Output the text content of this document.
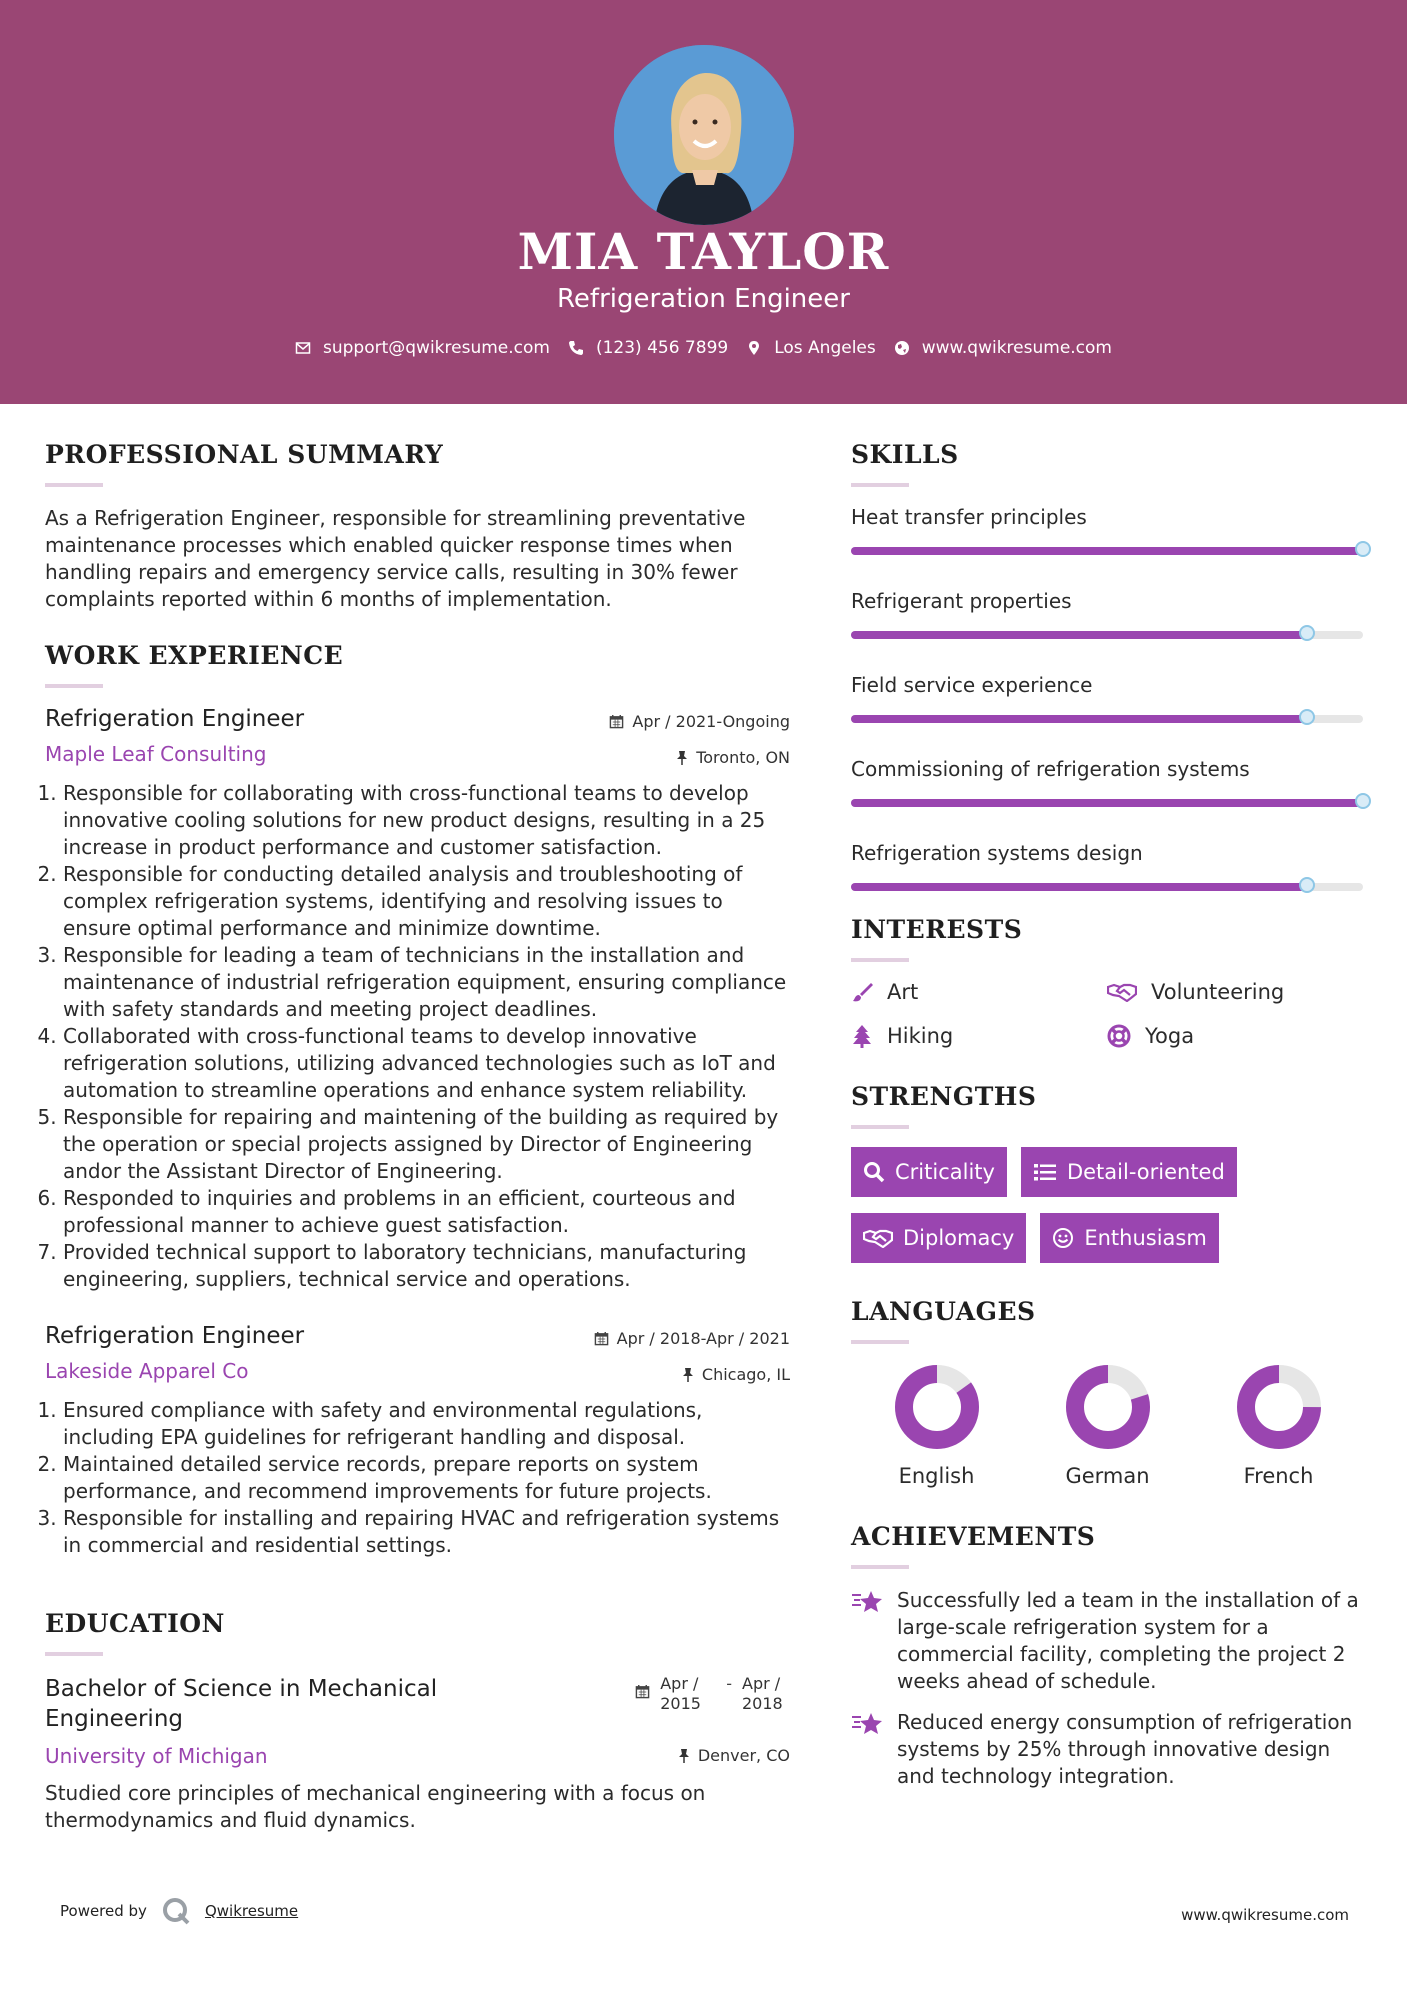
MIA TAYLOR
Refrigeration Engineer
support@qwikresume.com	(123) 456 7899	Los Angeles	www.qwikresume.com
PROFESSIONAL SUMMARY

As a Refrigeration Engineer, responsible for streamlining preventative maintenance processes which enabled quicker response times when handling repairs and emergency service calls, resulting in 30% fewer complaints reported within 6 months of implementation.

WORK EXPERIENCE
Refrigeration Engineer	Apr / 2021-Ongoing
Maple Leaf Consulting	Toronto, ON
1. Responsible for collaborating with cross-functional teams to develop innovative cooling solutions for new product designs, resulting in a 25 increase in product performance and customer satisfaction.
2. Responsible for conducting detailed analysis and troubleshooting of complex refrigeration systems, identifying and resolving issues to ensure optimal performance and minimize downtime.
3. Responsible for leading a team of technicians in the installation and maintenance of industrial refrigeration equipment, ensuring compliance with safety standards and meeting project deadlines.
4. Collaborated with cross-functional teams to develop innovative refrigeration solutions, utilizing advanced technologies such as IoT and automation to streamline operations and enhance system reliability.
5. Responsible for repairing and maintening of the building as required by the operation or special projects assigned by Director of Engineering andor the Assistant Director of Engineering.
6. Responded to inquiries and problems in an efficient, courteous and professional manner to achieve guest satisfaction.
7. Provided technical support to laboratory technicians, manufacturing engineering, suppliers, technical service and operations.
Refrigeration Engineer	Apr / 2018-Apr / 2021
Lakeside Apparel Co	Chicago, IL
1. Ensured compliance with safety and environmental regulations, including EPA guidelines for refrigerant handling and disposal.
2. Maintained detailed service records, prepare reports on system performance, and recommend improvements for future projects.
3. Responsible for installing and repairing HVAC and refrigeration systems in commercial and residential settings.
EDUCATION
Bachelor of Science in Mechanical Engineering
Apr / 2015
- Apr / 2018
University of Michigan	Denver, CO

Studied core principles of mechanical engineering with a focus on thermodynamics and fluid dynamics.

SKILLS
Heat transfer principles
Refrigerant properties
Field service experience
Commissioning of refrigeration systems
Refrigeration systems design
INTERESTS
Art	Volunteering
Hiking	Yoga
STRENGTHS
Criticality	Detail-oriented
Diplomacy	Enthusiasm
LANGUAGES
English	German	French
ACHIEVEMENTS
Successfully led a team in the installation of a large-scale refrigeration system for a commercial facility, completing the project 2 weeks ahead of schedule.
Reduced energy consumption of refrigeration systems by 25% through innovative design and technology integration.
Powered by	Qwikresume	www.qwikresume.com
